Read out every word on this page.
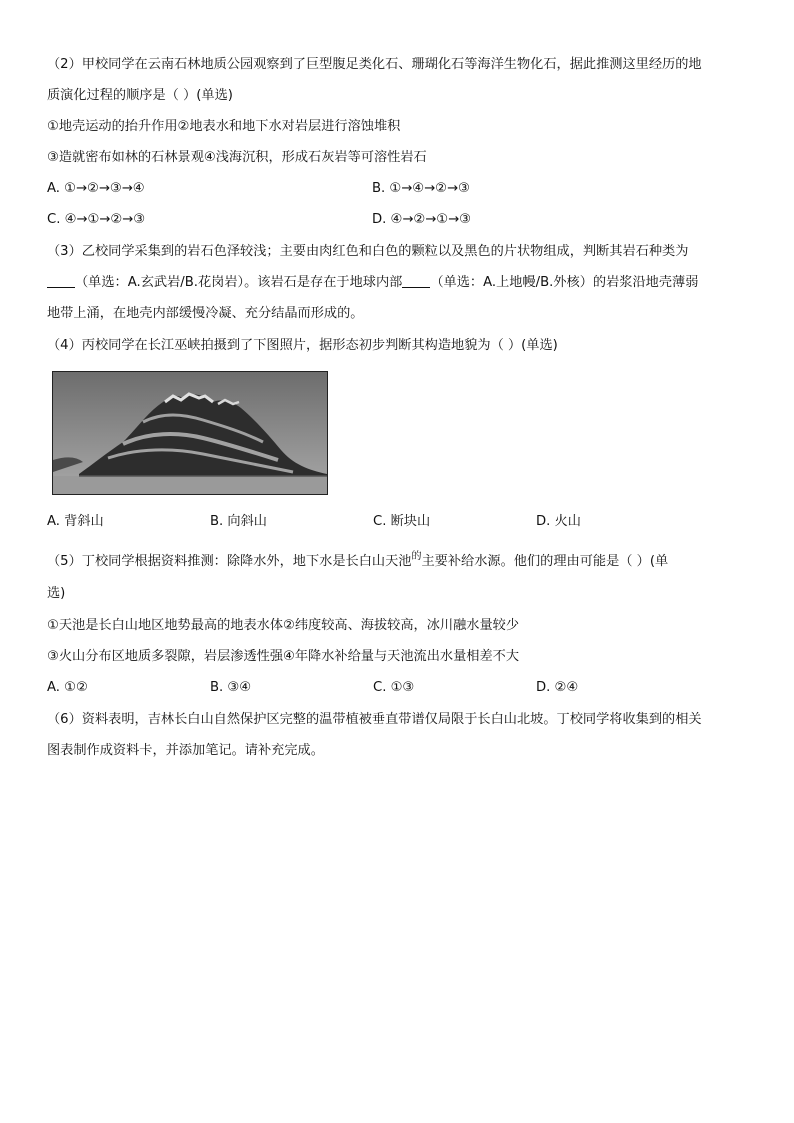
（2）甲校同学在云南石林地质公园观察到了巨型腹足类化石、珊瑚化石等海洋生物化石，据此推测这里经历的地
质演化过程的顺序是（ ）(单选)
①地壳运动的抬升作用②地表水和地下水对岩层进行溶蚀堆积
③造就密布如林的石林景观④浅海沉积，形成石灰岩等可溶性岩石
A. ①→②→③→④	B. ①→④→②→③
C. ④→①→②→③	D. ④→②→①→③
（3）乙校同学采集到的岩石色泽较浅；主要由肉红色和白色的颗粒以及黑色的片状物组成，判断其岩石种类为
（单选：A.玄武岩/B.花岗岩）。该岩石是存在于地球内部 （单选：A.上地幔/B.外核）的岩浆沿地壳薄弱
地带上涌，在地壳内部缓慢冷凝、充分结晶而形成的。
（4）丙校同学在长江巫峡拍摄到了下图照片，据形态初步判断其构造地貌为（ ）(单选)
A. 背斜山	B. 向斜山	C. 断块山	D. 火山
（5）丁校同学根据资料推测：除降水外，地下水是长白山天池$^的$主要补给水源。他们的理由可能是（ ）(单
选)
①天池是长白山地区地势最高的地表水体②纬度较高、海拔较高，冰川融水量较少
③火山分布区地质多裂隙，岩层渗透性强④年降水补给量与天池流出水量相差不大
A. ①②	B. ③④	C. ①③	D. ②④
（6）资料表明，吉林长白山自然保护区完整的温带植被垂直带谱仅局限于长白山北坡。丁校同学将收集到的相关
图表制作成资料卡，并添加笔记。请补充完成。
